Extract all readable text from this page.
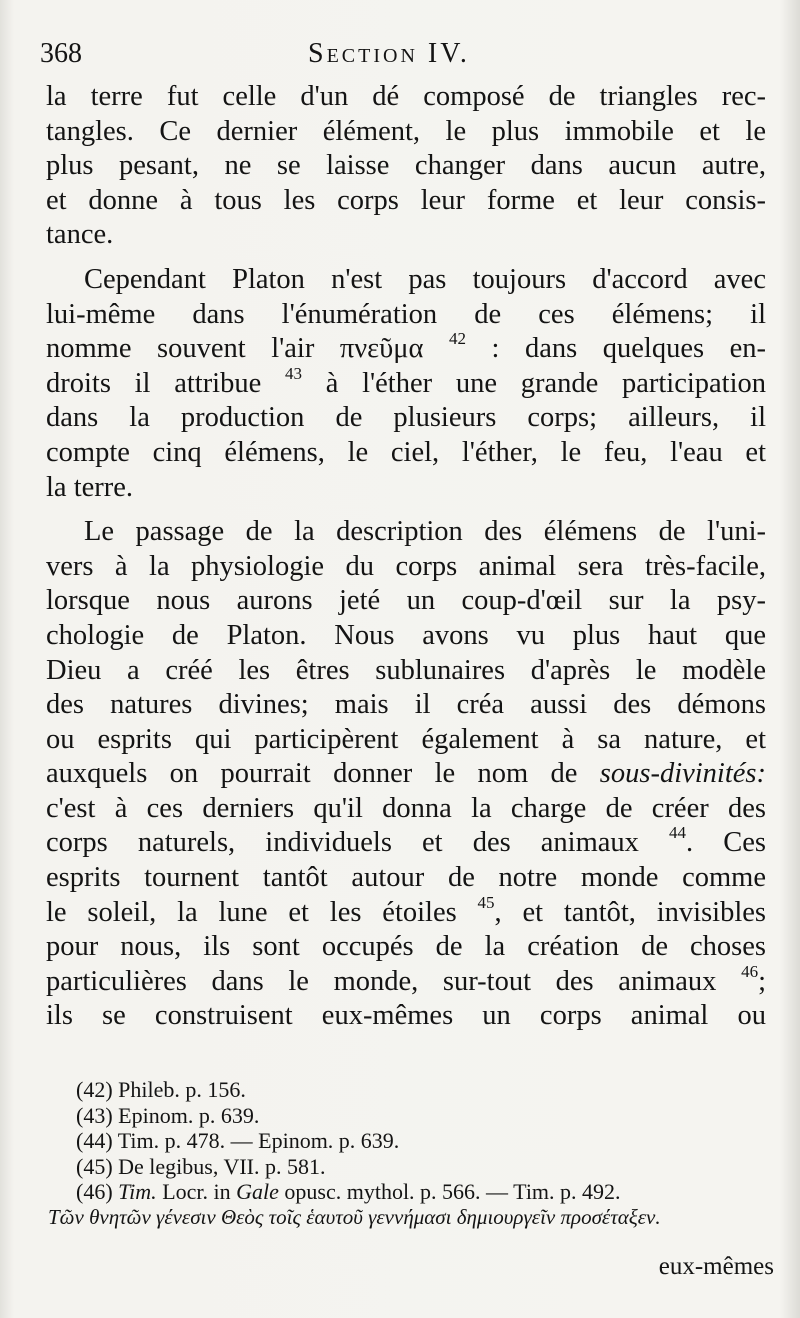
368	Section IV.
la terre fut celle d'un dé composé de triangles rec-
tangles. Ce dernier élément, le plus immobile et le
plus pesant, ne se laisse changer dans aucun autre,
et donne à tous les corps leur forme et leur consis-
tance.
Cependant Platon n'est pas toujours d'accord avec
lui-même dans l'énumération de ces élémens; il
nomme souvent l'air πνεῦμα $^{42}$ : dans quelques en-
droits il attribue $^{43}$ à l'éther une grande participation
dans la production de plusieurs corps; ailleurs, il
compte cinq élémens, le ciel, l'éther, le feu, l'eau et
la terre.
Le passage de la description des élémens de l'uni-
vers à la physiologie du corps animal sera très-facile,
lorsque nous aurons jeté un coup-d'œil sur la psy-
chologie de Platon. Nous avons vu plus haut que
Dieu a créé les êtres sublunaires d'après le modèle
des natures divines; mais il créa aussi des démons
ou esprits qui participèrent également à sa nature, et
auxquels on pourrait donner le nom de sous-divinités:
c'est à ces derniers qu'il donna la charge de créer des
corps naturels, individuels et des animaux $^{44}$. Ces
esprits tournent tantôt autour de notre monde comme
le soleil, la lune et les étoiles $^{45}$, et tantôt, invisibles
pour nous, ils sont occupés de la création de choses
particulières dans le monde, sur-tout des animaux $^{46}$;
ils se construisent eux-mêmes un corps animal ou
(42) Phileb. p. 156.
(43) Epinom. p. 639.
(44) Tim. p. 478. — Epinom. p. 639.
(45) De legibus, VII. p. 581.
(46) Tim. Locr. in Gale opusc. mythol. p. 566. — Tim. p. 492.
Τῶν θνητῶν γένεσιν Θεὸς τοῖς ἑαυτοῦ γεννήμασι δημιουργεῖν προσέταξεν.
eux-mêmes
